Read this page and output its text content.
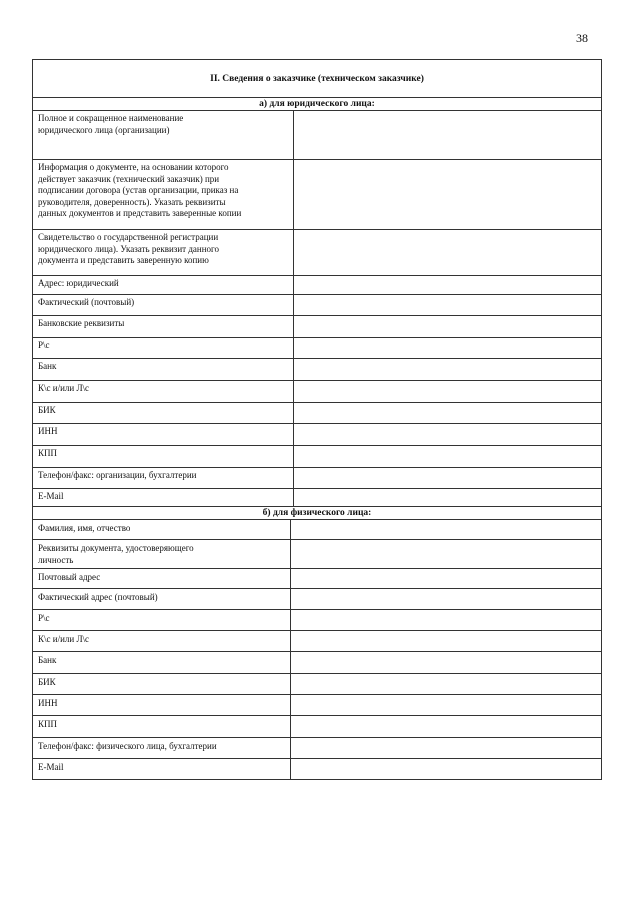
38
II. Сведения о заказчике (техническом заказчике)
а) для юридического лица:
Полное и сокращенное наименование
юридического лица (организации)
Информация о документе, на основании которого
действует заказчик (технический заказчик) при
подписании договора (устав организации, приказ на
руководителя, доверенность). Указать реквизиты
данных документов и представить заверенные копии
Свидетельство о государственной регистрации
юридического лица). Указать реквизит данного
документа и представить заверенную копию
Адрес: юридический
Фактический (почтовый)
Банковские реквизиты
Р\с
Банк
К\с и/или Л\с
БИК
ИНН
КПП
Телефон/факс: организации, бухгалтерии
E-Mail
б) для физического лица:
Фамилия, имя, отчество
Реквизиты документа, удостоверяющего
личность
Почтовый адрес
Фактический адрес (почтовый)
Р\с
К\с и/или Л\с
Банк
БИК
ИНН
КПП
Телефон/факс: физического лица, бухгалтерии
E-Mail
